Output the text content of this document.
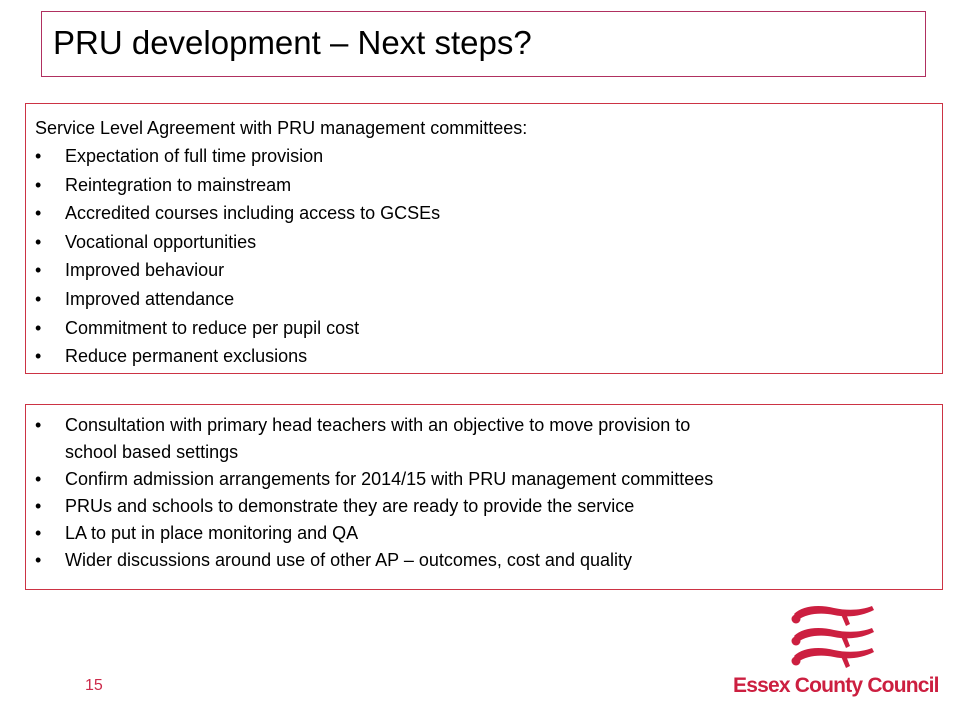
PRU development – Next steps?
Service Level Agreement with PRU management committees:
• Expectation of full time provision
• Reintegration to mainstream
• Accredited courses including access to GCSEs
• Vocational opportunities
• Improved behaviour
• Improved attendance
• Commitment to reduce per pupil cost
• Reduce permanent exclusions
• Consultation with primary head teachers with an objective to move provision to
school based settings
• Confirm admission arrangements for 2014/15 with PRU management committees
• PRUs and schools to demonstrate they are ready to provide the service
• LA to put in place monitoring and QA
• Wider discussions around use of other AP – outcomes, cost and quality
15	Essex County Council
